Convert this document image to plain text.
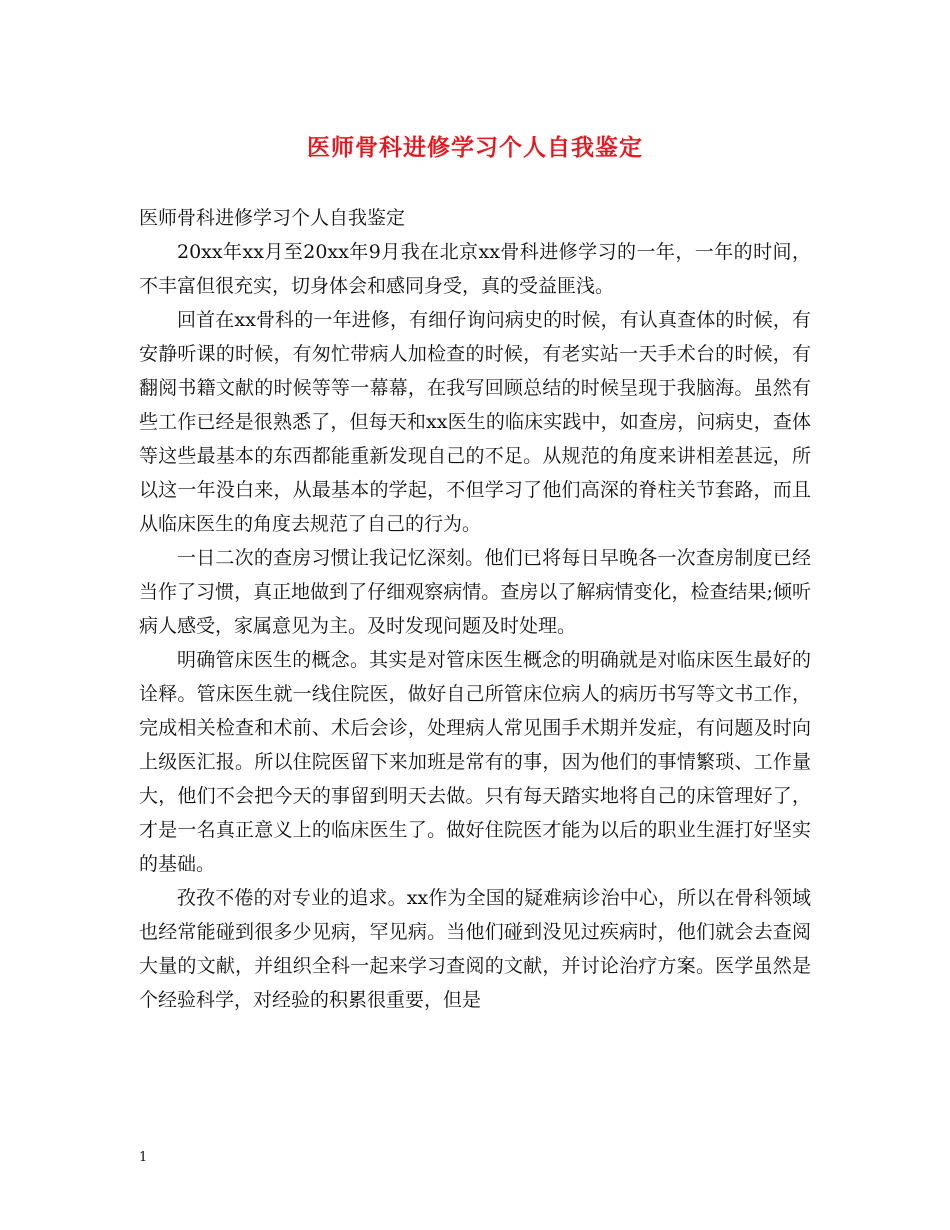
医师骨科进修学习个人自我鉴定

医师骨科进修学习个人自我鉴定

20xx年xx月至20xx年9月我在北京xx骨科进修学习的一年，一年的时间，不丰富但很充实，切身体会和感同身受，真的受益匪浅。

回首在xx骨科的一年进修，有细仔询问病史的时候，有认真查体的时候，有安静听课的时候，有匆忙带病人加检查的时候，有老实站一天手术台的时候，有翻阅书籍文献的时候等等一幕幕，在我写回顾总结的时候呈现于我脑海。虽然有些工作已经是很熟悉了，但每天和xx医生的临床实践中，如查房，问病史，查体等这些最基本的东西都能重新发现自己的不足。从规范的角度来讲相差甚远，所以这一年没白来，从最基本的学起，不但学习了他们高深的脊柱关节套路，而且从临床医生的角度去规范了自己的行为。

一日二次的查房习惯让我记忆深刻。他们已将每日早晚各一次查房制度已经当作了习惯，真正地做到了仔细观察病情。查房以了解病情变化，检查结果;倾听病人感受，家属意见为主。及时发现问题及时处理。

明确管床医生的概念。其实是对管床医生概念的明确就是对临床医生最好的诠释。管床医生就一线住院医，做好自己所管床位病人的病历书写等文书工作，完成相关检查和术前、术后会诊，处理病人常见围手术期并发症，有问题及时向上级医汇报。所以住院医留下来加班是常有的事，因为他们的事情繁琐、工作量大，他们不会把今天的事留到明天去做。只有每天踏实地将自己的床管理好了，才是一名真正意义上的临床医生了。做好住院医才能为以后的职业生涯打好坚实的基础。

孜孜不倦的对专业的追求。xx作为全国的疑难病诊治中心，所以在骨科领域也经常能碰到很多少见病，罕见病。当他们碰到没见过疾病时，他们就会去查阅大量的文献，并组织全科一起来学习查阅的文献，并讨论治疗方案。医学虽然是个经验科学，对经验的积累很重要，但是

1
